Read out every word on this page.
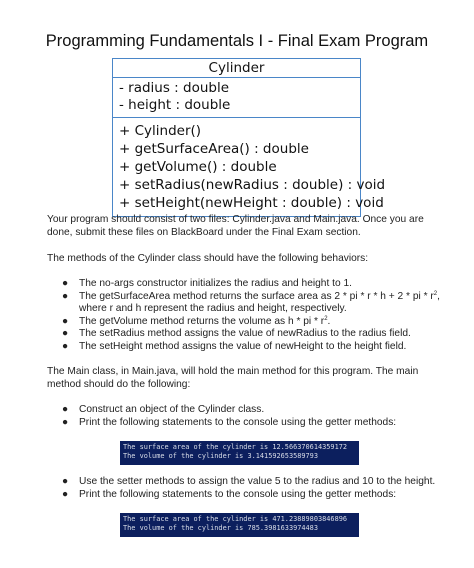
Programming Fundamentals I - Final Exam Program
Cylinder
- radius : double
- height : double
+ Cylinder()
+ getSurfaceArea() : double
+ getVolume() : double
+ setRadius(newRadius : double) : void
+ setHeight(newHeight : double) : void
Your program should consist of two files: Cylinder.java and Main.java. Once you are done, submit these files on BlackBoard under the Final Exam section.
The methods of the Cylinder class should have the following behaviors:
● The no-args constructor initializes the radius and height to 1.
● The getSurfaceArea method returns the surface area as 2 * pi * r * h + 2 * pi * $r^2$, where r and h represent the radius and height, respectively.
● The getVolume method returns the volume as h * pi * $r^2$.
● The setRadius method assigns the value of newRadius to the radius field.
● The setHeight method assigns the value of newHeight to the height field.
The Main class, in Main.java, will hold the main method for this program. The main method should do the following:
● Construct an object of the Cylinder class.
● Print the following statements to the console using the getter methods:
The surface area of the cylinder is 12.566370614359172
The volume of the cylinder is 3.141592653589793
● Use the setter methods to assign the value 5 to the radius and 10 to the height.
● Print the following statements to the console using the getter methods:
The surface area of the cylinder is 471.23889803846896
The volume of the cylinder is 785.3981633974483
